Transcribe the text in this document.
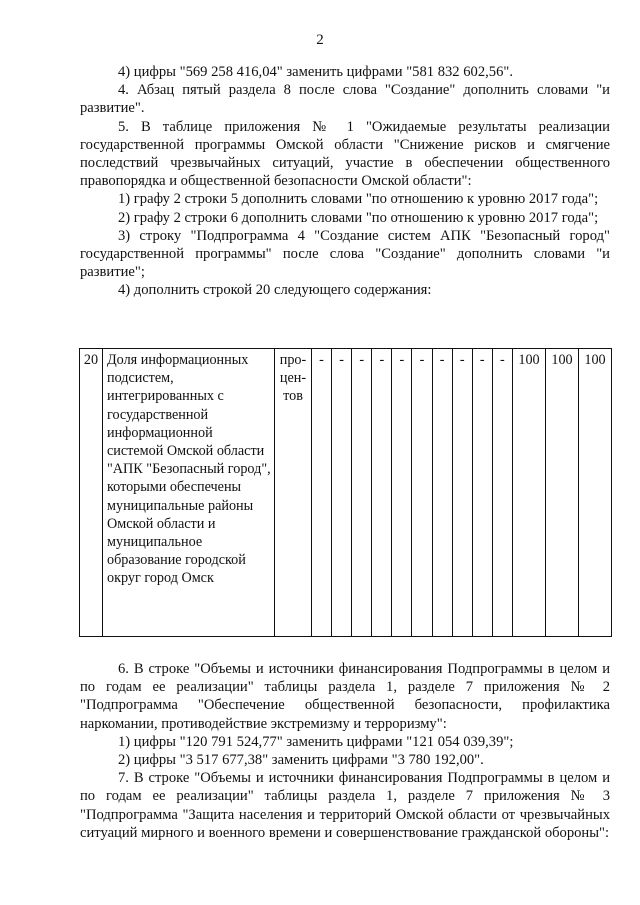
2

4) цифры "569 258 416,04" заменить цифрами "581 832 602,56".

4. Абзац пятый раздела 8 после слова "Создание" дополнить словами "и развитие".

5. В таблице приложения № 1 "Ожидаемые результаты реализации государственной программы Омской области "Снижение рисков и смягчение последствий чрезвычайных ситуаций, участие в обеспечении общественного правопорядка и общественной безопасности Омской области":

1) графу 2 строки 5 дополнить словами "по отношению к уровню 2017 года";

2) графу 2 строки 6 дополнить словами "по отношению к уровню 2017 года";

3) строку "Подпрограмма 4 "Создание систем АПК "Безопасный город" государственной программы" после слова "Создание" дополнить словами "и развитие";

4) дополнить строкой 20 следующего содержания:

20	Доля информационных подсистем, интегрированных с государственной информационной системой Омской области "АПК "Безопасный город", которыми обеспечены муниципальные районы Омской области и муниципальное образование городской округ город Омск	про-цен-тов	-	-	-	-	-	-	-	-	-	-	100	100	100

6. В строке "Объемы и источники финансирования Подпрограммы в целом и по годам ее реализации" таблицы раздела 1, разделе 7 приложения № 2 "Подпрограмма "Обеспечение общественной безопасности, профилактика наркомании, противодействие экстремизму и терроризму":

1) цифры "120 791 524,77" заменить цифрами "121 054 039,39";

2) цифры "3 517 677,38" заменить цифрами "3 780 192,00".

7. В строке "Объемы и источники финансирования Подпрограммы в целом и по годам ее реализации" таблицы раздела 1, разделе 7 приложения № 3 "Подпрограмма "Защита населения и территорий Омской области от чрезвычайных ситуаций мирного и военного времени и совершенствование гражданской обороны":
